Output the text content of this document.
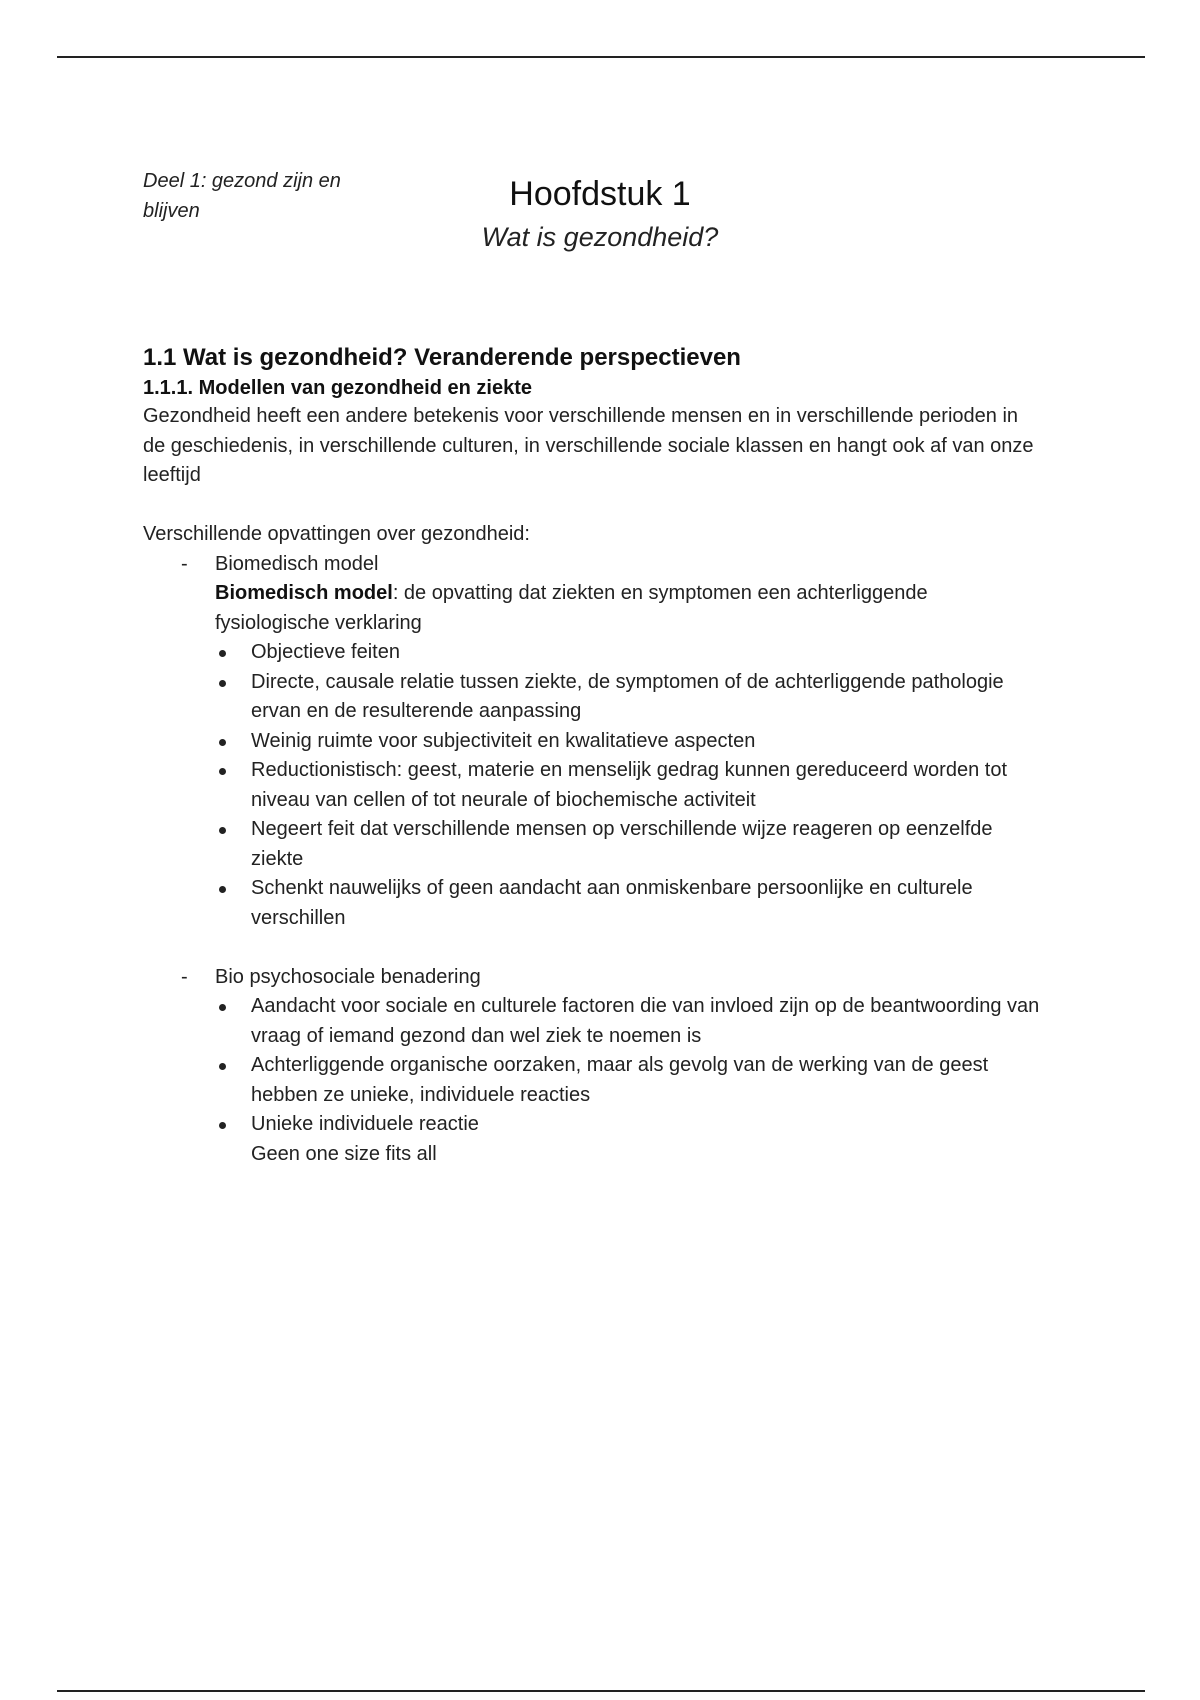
Deel 1: gezond zijn en blijven	Hoofdstuk 1
Wat is gezondheid?

1.1 Wat is gezondheid? Veranderende perspectieven

1.1.1. Modellen van gezondheid en ziekte

Gezondheid heeft een andere betekenis voor verschillende mensen en in verschillende perioden in de geschiedenis, in verschillende culturen, in verschillende sociale klassen en hangt ook af van onze leeftijd

Verschillende opvattingen over gezondheid:

- Biomedisch model
Biomedisch model: de opvatting dat ziekten en symptomen een achterliggende fysiologische verklaring
Objectieve feiten
Directe, causale relatie tussen ziekte, de symptomen of de achterliggende pathologie ervan en de resulterende aanpassing
Weinig ruimte voor subjectiviteit en kwalitatieve aspecten
Reductionistisch: geest, materie en menselijk gedrag kunnen gereduceerd worden tot niveau van cellen of tot neurale of biochemische activiteit
Negeert feit dat verschillende mensen op verschillende wijze reageren op eenzelfde ziekte
Schenkt nauwelijks of geen aandacht aan onmiskenbare persoonlijke en culturele verschillen
- Bio psychosociale benadering
Aandacht voor sociale en culturele factoren die van invloed zijn op de beantwoording van vraag of iemand gezond dan wel ziek te noemen is
Achterliggende organische oorzaken, maar als gevolg van de werking van de geest hebben ze unieke, individuele reacties
Unieke individuele reactie
Geen one size fits all
